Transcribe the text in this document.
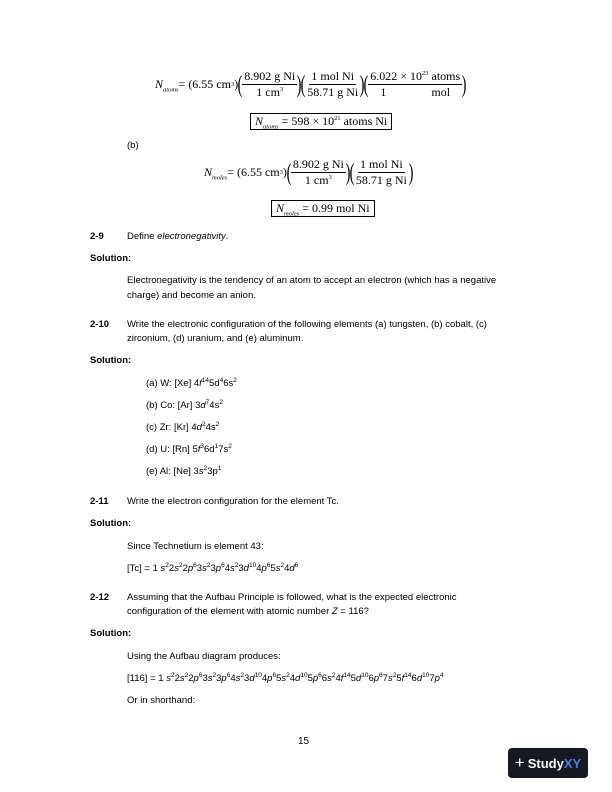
$N_{atoms} = (6.55$ cm 3 ) ( $\frac{\text{8.902 g Ni}}{1 cm^3}$ ) ( $\frac{\text{1 mol Ni}}{\text{58.71 g Ni}}$ ) ( $6.022 \times 10^{23}$ atoms
1	mol )
$N_{atoms} = 598 \times 10^{21}$ atoms Ni
(b)
$N_{moles} = (6.55$ cm 3 ) ( $\frac{\text{8.902 g Ni}}{1 cm^3}$ ) ( $\frac{\text{1 mol Ni}}{\text{58.71 g Ni}}$ )
$N_{moles} = 0.99$ mol Ni
2-9 Define electronegativity.
Solution:
Electronegativity is the tendency of an atom to accept an electron (which has a negative
charge) and become an anion.
2-10 Write the electronic configuration of the following elements (a) tungsten, (b) cobalt, (c)
zirconium, (d) uranium, and (e) aluminum.
Solution:
(a) W: [Xe] $4f^{14}5d^46s^2$
(b) Co: [Ar] $3d^74s^2$
(c) Zr: [Kr] $4d^24s^2$
(d) U: [Rn] $5f^36d^17s^2$
(e) Al: [Ne] $3s^23p^1$
2-11 Write the electron configuration for the element Tc.
Solution:
Since Technetium is element 43:
[Tc] = 1 $s^22s^22p^63s^23p^64s^23d^{10}4p^65s^24d^6$
2-12 Assuming that the Aufbau Principle is followed, what is the expected electronic
configuration of the element with atomic number Z = 116?
Solution:
Using the Aufbau diagram produces:
[116] = 1 $s^22s^22p^63s^23p^64s^23d^{10}4p^65s^24d^{10}5p^66s^24f^{14}5d^{10}6p^67s^25f^{14}6d^{10}7p^4$
Or in shorthand:
15
+ Study XY
